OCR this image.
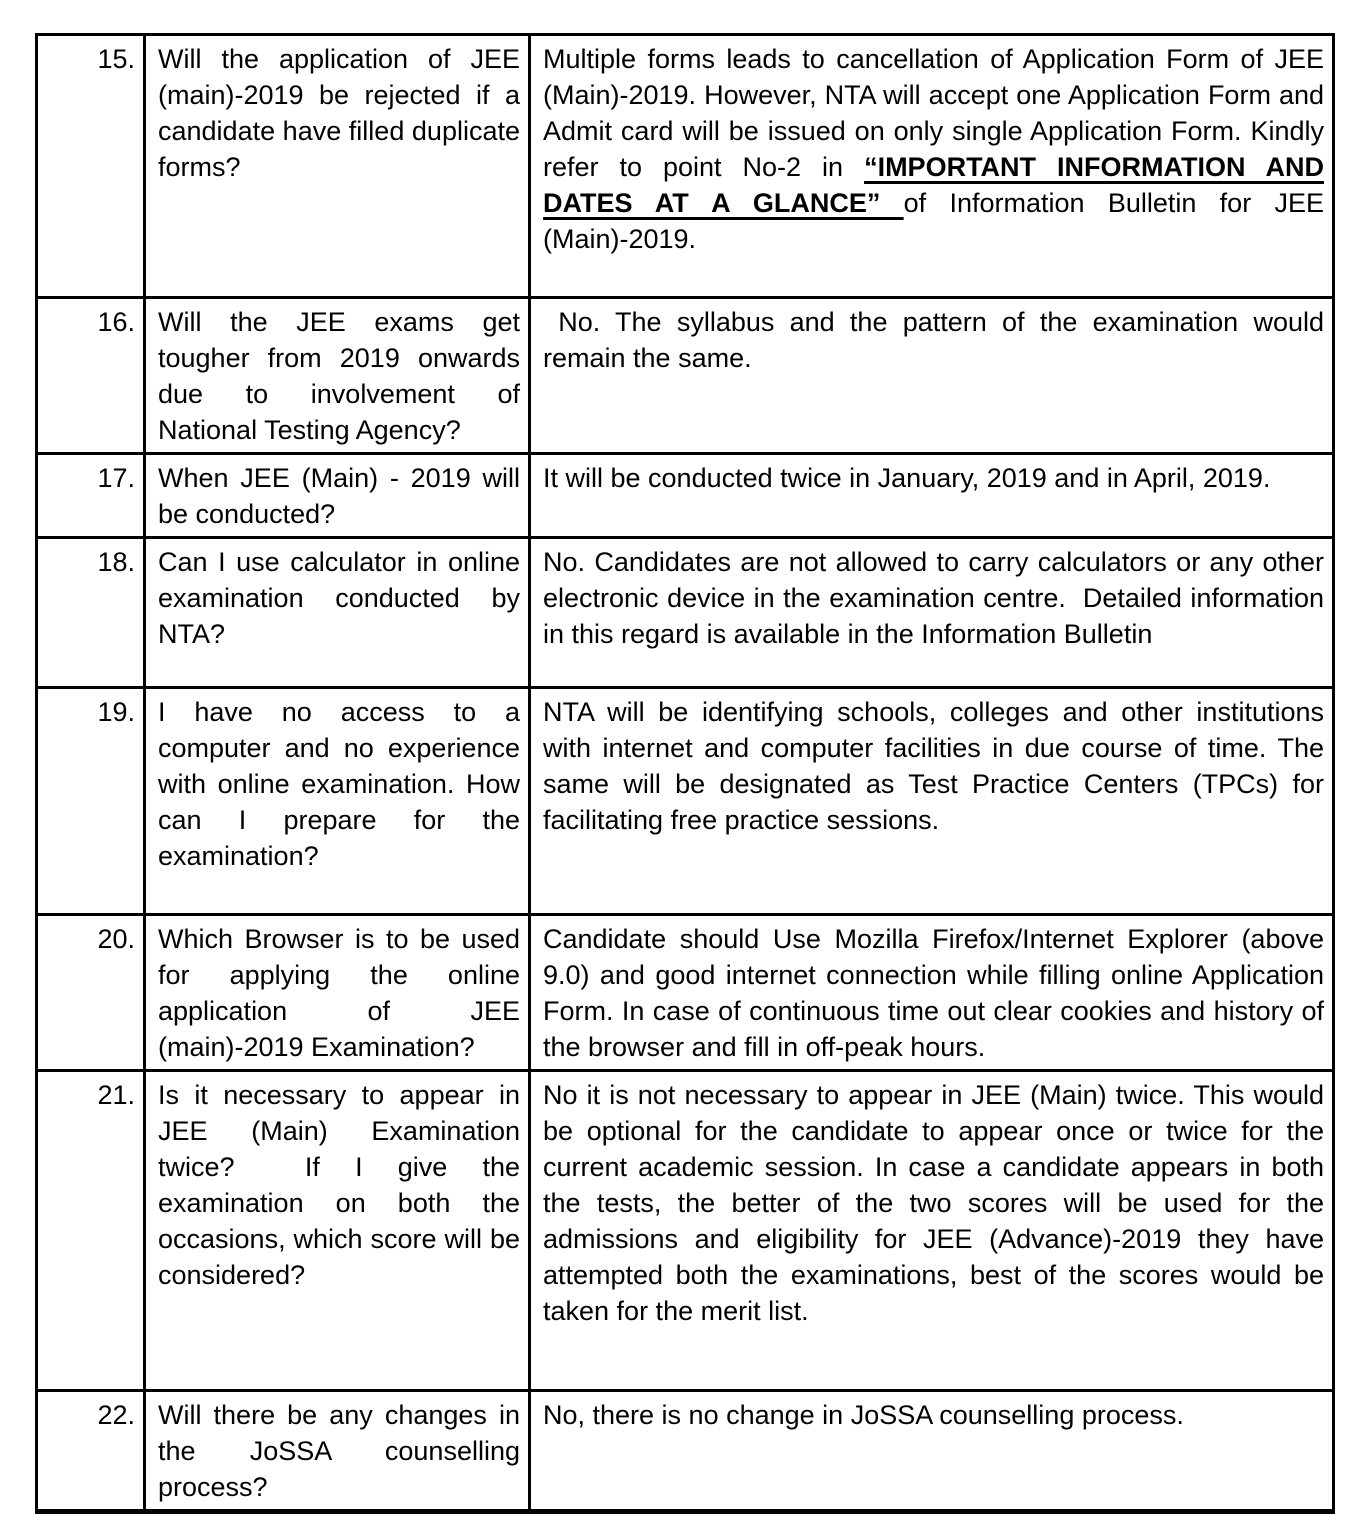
15.	Will the application of JEE (main)-2019 be rejected if a candidate have filled duplicate forms?	Multiple forms leads to cancellation of Application Form of JEE (Main)-2019. However, NTA will accept one Application Form and Admit card will be issued on only single Application Form. Kindly refer to point No-2 in “IMPORTANT INFORMATION AND DATES AT A GLANCE” of Information Bulletin for JEE (Main)-2019.
16.	Will the JEE exams get tougher from 2019 onwards due to involvement of National Testing Agency?	No. The syllabus and the pattern of the examination would remain the same.
17.	When JEE (Main) - 2019 will be conducted?	It will be conducted twice in January, 2019 and in April, 2019.
18.	Can I use calculator in online examination conducted by NTA?	No. Candidates are not allowed to carry calculators or any other electronic device in the examination centre.  Detailed information in this regard is available in the Information Bulletin
19.	I have no access to a computer and no experience with online examination. How can I prepare for the examination?	NTA will be identifying schools, colleges and other institutions with internet and computer facilities in due course of time. The same will be designated as Test Practice Centers (TPCs) for facilitating free practice sessions.
20.	Which Browser is to be used for applying the online application of JEE (main)-2019 Examination?	Candidate should Use Mozilla Firefox/Internet Explorer (above 9.0) and good internet connection while filling online Application Form. In case of continuous time out clear cookies and history of the browser and fill in off-peak hours.
21.	Is it necessary to appear in JEE (Main) Examination twice?  If I give the examination on both the occasions, which score will be considered?	No it is not necessary to appear in JEE (Main) twice. This would be optional for the candidate to appear once or twice for the current academic session. In case a candidate appears in both the tests, the better of the two scores will be used for the admissions and eligibility for JEE (Advance)-2019 they have attempted both the examinations, best of the scores would be taken for the merit list.
22.	Will there be any changes in the JoSSA counselling process?	No, there is no change in JoSSA counselling process.
